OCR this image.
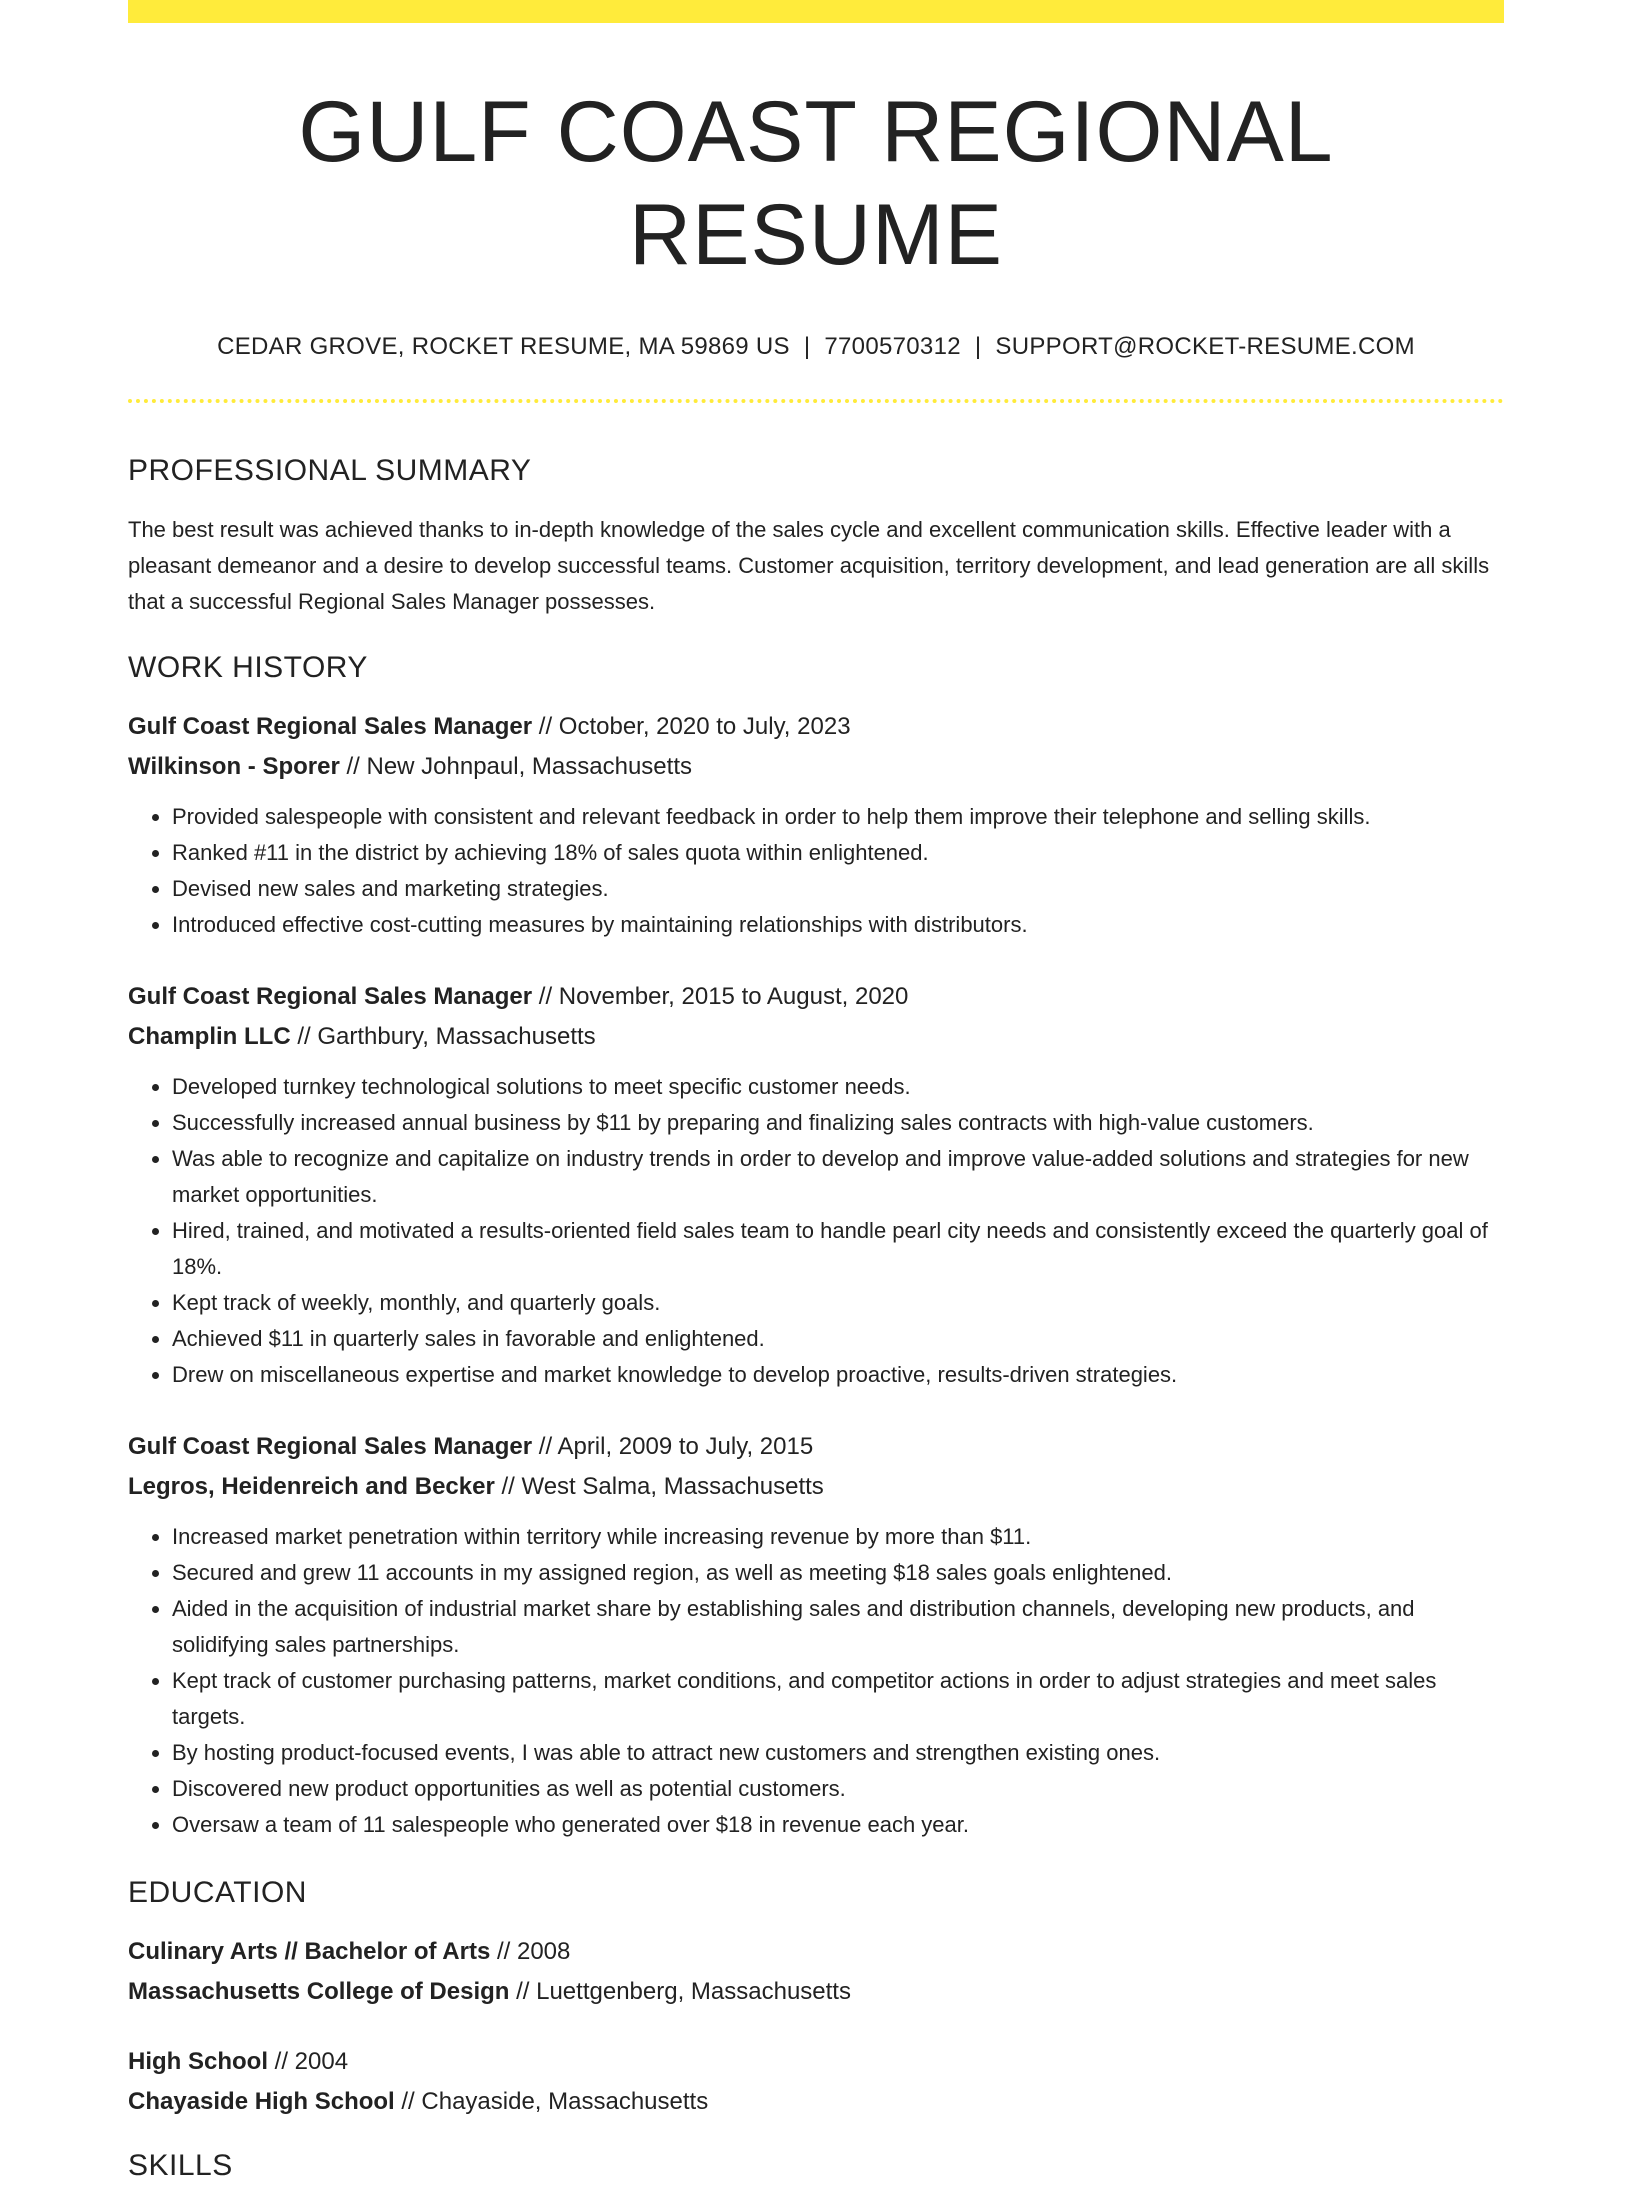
GULF COAST REGIONAL RESUME
CEDAR GROVE, ROCKET RESUME, MA 59869 US | 7700570312 | SUPPORT@ROCKET-RESUME.COM
PROFESSIONAL SUMMARY

The best result was achieved thanks to in-depth knowledge of the sales cycle and excellent communication skills. Effective leader with a pleasant demeanor and a desire to develop successful teams. Customer acquisition, territory development, and lead generation are all skills that a successful Regional Sales Manager possesses.

WORK HISTORY
Gulf Coast Regional Sales Manager // October, 2020 to July, 2023
Wilkinson - Sporer // New Johnpaul, Massachusetts
• Provided salespeople with consistent and relevant feedback in order to help them improve their telephone and selling skills.
• Ranked #11 in the district by achieving 18% of sales quota within enlightened.
• Devised new sales and marketing strategies.
• Introduced effective cost-cutting measures by maintaining relationships with distributors.
Gulf Coast Regional Sales Manager // November, 2015 to August, 2020
Champlin LLC // Garthbury, Massachusetts
• Developed turnkey technological solutions to meet specific customer needs.
• Successfully increased annual business by $11 by preparing and finalizing sales contracts with high-value customers.
• Was able to recognize and capitalize on industry trends in order to develop and improve value-added solutions and strategies for new market opportunities.
• Hired, trained, and motivated a results-oriented field sales team to handle pearl city needs and consistently exceed the quarterly goal of 18%.
• Kept track of weekly, monthly, and quarterly goals.
• Achieved $11 in quarterly sales in favorable and enlightened.
• Drew on miscellaneous expertise and market knowledge to develop proactive, results-driven strategies.
Gulf Coast Regional Sales Manager // April, 2009 to July, 2015
Legros, Heidenreich and Becker // West Salma, Massachusetts
• Increased market penetration within territory while increasing revenue by more than $11.
• Secured and grew 11 accounts in my assigned region, as well as meeting $18 sales goals enlightened.
• Aided in the acquisition of industrial market share by establishing sales and distribution channels, developing new products, and solidifying sales partnerships.
• Kept track of customer purchasing patterns, market conditions, and competitor actions in order to adjust strategies and meet sales targets.
• By hosting product-focused events, I was able to attract new customers and strengthen existing ones.
• Discovered new product opportunities as well as potential customers.
• Oversaw a team of 11 salespeople who generated over $18 in revenue each year.
EDUCATION
Culinary Arts // Bachelor of Arts // 2008
Massachusetts College of Design // Luettgenberg, Massachusetts
High School // 2004
Chayaside High School // Chayaside, Massachusetts
SKILLS
